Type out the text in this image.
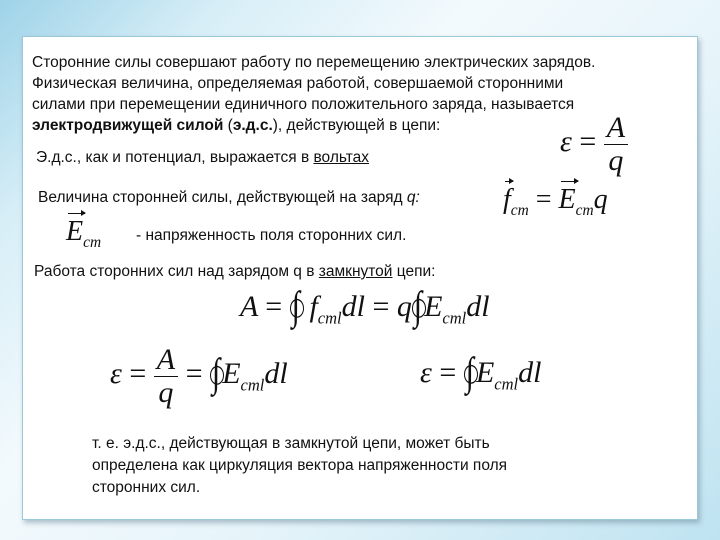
Сторонние силы совершают работу по перемещению электрических зарядов.
Физическая величина, определяемая работой, совершаемой сторонними
силами при перемещении единичного положительного заряда, называется
электродвижущей силой (э.д.с.), действующей в цепи:	$\varepsilon = \frac{A}{q}$
Э.д.с., как и потенциал, выражается в вольтах
Величина сторонней силы, действующей на заряд q:	$f_{ст} = E_{ст}q$
$E_{ст}$ - напряженность поля сторонних сил.
Работа сторонних сил над зарядом q в замкнутой цепи:
A = ∫ $f_{стl}dl = q\int$
$E_{стl}dl$
$\varepsilon = \frac{A}{q}$ = ∫
$E_{стl}dl$	ε = ∫
$E_{стl}dl$
т. е. э.д.с., действующая в замкнутой цепи, может быть
определена как циркуляция вектора напряженности поля
сторонних сил.
